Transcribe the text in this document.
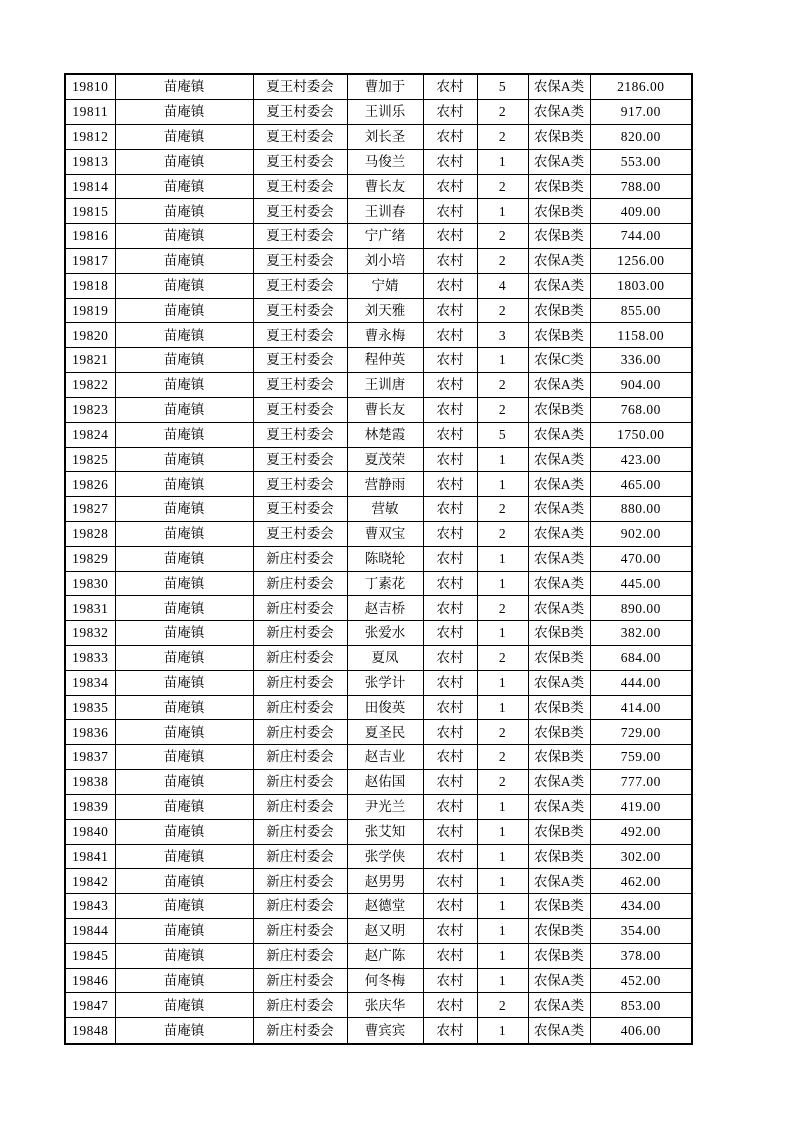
19810	苗庵镇	夏王村委会	曹加于	农村	5	农保A类	2186.00
19811	苗庵镇	夏王村委会	王训乐	农村	2	农保A类	917.00
19812	苗庵镇	夏王村委会	刘长圣	农村	2	农保B类	820.00
19813	苗庵镇	夏王村委会	马俊兰	农村	1	农保A类	553.00
19814	苗庵镇	夏王村委会	曹长友	农村	2	农保B类	788.00
19815	苗庵镇	夏王村委会	王训春	农村	1	农保B类	409.00
19816	苗庵镇	夏王村委会	宁广绪	农村	2	农保B类	744.00
19817	苗庵镇	夏王村委会	刘小培	农村	2	农保A类	1256.00
19818	苗庵镇	夏王村委会	宁婧	农村	4	农保A类	1803.00
19819	苗庵镇	夏王村委会	刘天雅	农村	2	农保B类	855.00
19820	苗庵镇	夏王村委会	曹永梅	农村	3	农保B类	1158.00
19821	苗庵镇	夏王村委会	程仲英	农村	1	农保C类	336.00
19822	苗庵镇	夏王村委会	王训唐	农村	2	农保A类	904.00
19823	苗庵镇	夏王村委会	曹长友	农村	2	农保B类	768.00
19824	苗庵镇	夏王村委会	林楚霞	农村	5	农保A类	1750.00
19825	苗庵镇	夏王村委会	夏茂荣	农村	1	农保A类	423.00
19826	苗庵镇	夏王村委会	营静雨	农村	1	农保A类	465.00
19827	苗庵镇	夏王村委会	营敏	农村	2	农保A类	880.00
19828	苗庵镇	夏王村委会	曹双宝	农村	2	农保A类	902.00
19829	苗庵镇	新庄村委会	陈晓轮	农村	1	农保A类	470.00
19830	苗庵镇	新庄村委会	丁素花	农村	1	农保A类	445.00
19831	苗庵镇	新庄村委会	赵吉桥	农村	2	农保A类	890.00
19832	苗庵镇	新庄村委会	张爱水	农村	1	农保B类	382.00
19833	苗庵镇	新庄村委会	夏凤	农村	2	农保B类	684.00
19834	苗庵镇	新庄村委会	张学计	农村	1	农保A类	444.00
19835	苗庵镇	新庄村委会	田俊英	农村	1	农保B类	414.00
19836	苗庵镇	新庄村委会	夏圣民	农村	2	农保B类	729.00
19837	苗庵镇	新庄村委会	赵吉业	农村	2	农保B类	759.00
19838	苗庵镇	新庄村委会	赵佑国	农村	2	农保A类	777.00
19839	苗庵镇	新庄村委会	尹光兰	农村	1	农保A类	419.00
19840	苗庵镇	新庄村委会	张艾知	农村	1	农保B类	492.00
19841	苗庵镇	新庄村委会	张学侠	农村	1	农保B类	302.00
19842	苗庵镇	新庄村委会	赵男男	农村	1	农保A类	462.00
19843	苗庵镇	新庄村委会	赵德堂	农村	1	农保B类	434.00
19844	苗庵镇	新庄村委会	赵又明	农村	1	农保B类	354.00
19845	苗庵镇	新庄村委会	赵广陈	农村	1	农保B类	378.00
19846	苗庵镇	新庄村委会	何冬梅	农村	1	农保A类	452.00
19847	苗庵镇	新庄村委会	张庆华	农村	2	农保A类	853.00
19848	苗庵镇	新庄村委会	曹宾宾	农村	1	农保A类	406.00
